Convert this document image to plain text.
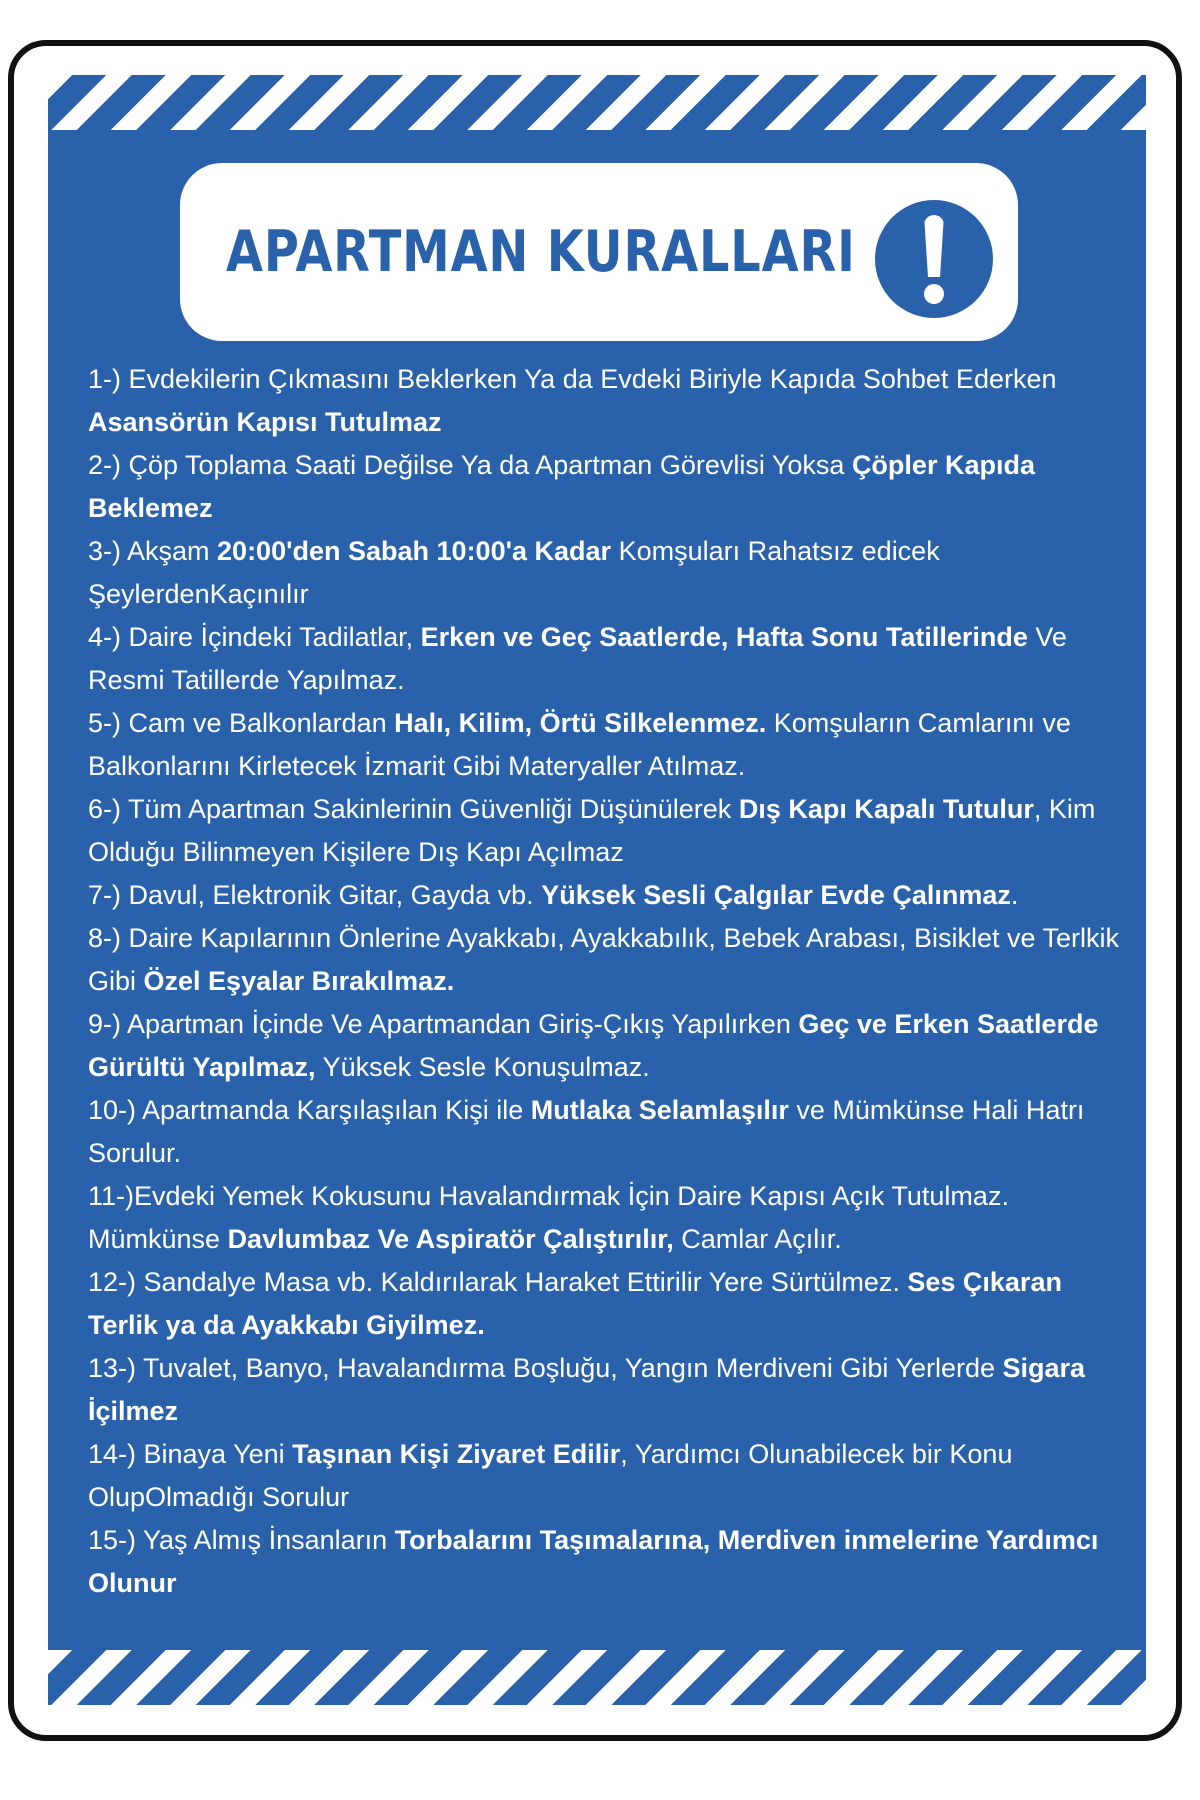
APARTMAN KURALLARI
1-) Evdekilerin Çıkmasını Beklerken Ya da Evdeki Biriyle Kapıda Sohbet Ederken Asansörün Kapısı Tutulmaz
2-) Çöp Toplama Saati Değilse Ya da Apartman Görevlisi Yoksa Çöpler Kapıda Beklemez
3-) Akşam 20:00'den Sabah 10:00'a Kadar Komşuları Rahatsız edicek ŞeylerdenKaçınılır
4-) Daire İçindeki Tadilatlar, Erken ve Geç Saatlerde, Hafta Sonu Tatillerinde Ve Resmi Tatillerde Yapılmaz.
5-) Cam ve Balkonlardan Halı, Kilim, Örtü Silkelenmez. Komşuların Camlarını ve Balkonlarını Kirletecek İzmarit Gibi Materyaller Atılmaz.
6-) Tüm Apartman Sakinlerinin Güvenliği Düşünülerek Dış Kapı Kapalı Tutulur, Kim Olduğu Bilinmeyen Kişilere Dış Kapı Açılmaz
7-) Davul, Elektronik Gitar, Gayda vb. Yüksek Sesli Çalgılar Evde Çalınmaz.
8-) Daire Kapılarının Önlerine Ayakkabı, Ayakkabılık, Bebek Arabası, Bisiklet ve Terlkik Gibi Özel Eşyalar Bırakılmaz.
9-) Apartman İçinde Ve Apartmandan Giriş-Çıkış Yapılırken Geç ve Erken Saatlerde Gürültü Yapılmaz, Yüksek Sesle Konuşulmaz.
10-) Apartmanda Karşılaşılan Kişi ile Mutlaka Selamlaşılır ve Mümkünse Hali Hatrı Sorulur.
11-)Evdeki Yemek Kokusunu Havalandırmak İçin Daire Kapısı Açık Tutulmaz. Mümkünse Davlumbaz Ve Aspiratör Çalıştırılır, Camlar Açılır.
12-) Sandalye Masa vb. Kaldırılarak Haraket Ettirilir Yere Sürtülmez. Ses Çıkaran Terlik ya da Ayakkabı Giyilmez.
13-) Tuvalet, Banyo, Havalandırma Boşluğu, Yangın Merdiveni Gibi Yerlerde Sigara İçilmez
14-) Binaya Yeni Taşınan Kişi Ziyaret Edilir, Yardımcı Olunabilecek bir Konu OlupOlmadığı Sorulur
15-) Yaş Almış İnsanların Torbalarını Taşımalarına, Merdiven inmelerine Yardımcı Olunur
